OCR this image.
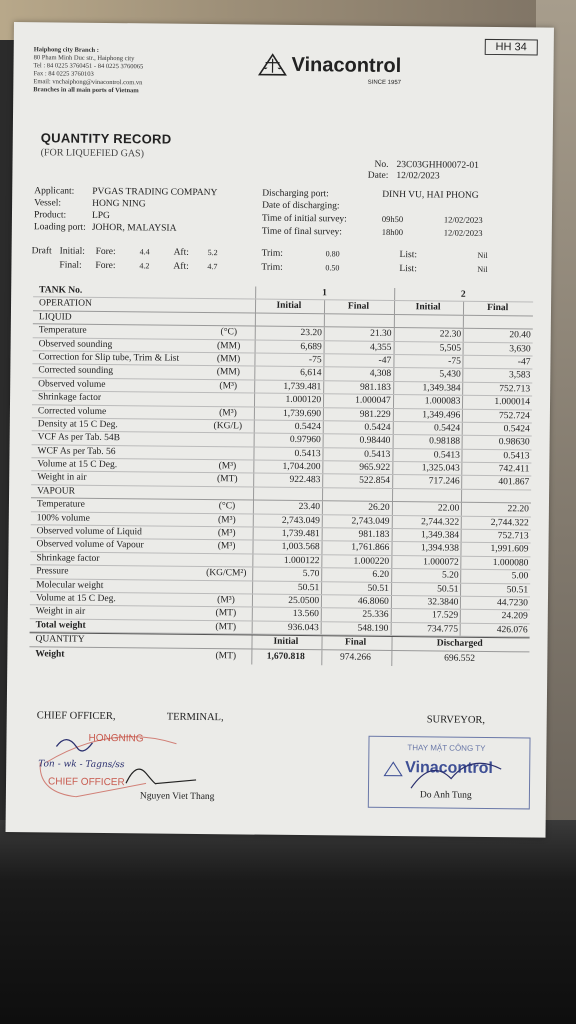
HH 34
Haiphong city Branch :
80 Pham Minh Duc str., Haiphong city
Tel : 84 0225 3760451 - 84 0225 3760065
Fax : 84 0225 3760103
Email: vnchaiphong@vinacontrol.com.vn
Branches in all main ports of Vietnam
Vinacontrol
SINCE 1957
QUANTITY RECORD
(FOR LIQUEFIED GAS)
No. 23C03GHH00072-01
Date: 12/02/2023
Applicant: PVGAS TRADING COMPANY
Vessel:	HONG NING
Product:	LPG
Loading port: JOHOR, MALAYSIA
Discharging port:	DINH VU, HAI PHONG
Date of discharging:
Time of initial survey:	09h50	12/02/2023
Time of final survey:	18h00	12/02/2023
Draft Initial: Fore:	4.4	Aft: 5.2
Final: Fore:	4.2	Aft: 4.7
Trim:	0.80
Trim:	0.50
List:	Nil
List:	Nil
TANK No.	1	2
OPERATION	Initial	Final	Initial	Final
LIQUID
Temperature	(°C)	23.20	21.30	22.30	20.40
Observed sounding	(MM)	6,689	4,355	5,505	3,630
Correction for Slip tube, Trim & List	(MM)	-75	-47	-75	-47
Corrected sounding	(MM)	6,614	4,308	5,430	3,583
Observed volume	(M³)	1,739.481	981.183	1,349.384	752.713
Shrinkage factor	1.000120	1.000047	1.000083	1.000014
Corrected volume	(M³)	1,739.690	981.229	1,349.496	752.724
Density at 15 C Deg.	(KG/L)	0.5424	0.5424	0.5424	0.5424
VCF As per Tab. 54B	0.97960	0.98440	0.98188	0.98630
WCF As per Tab. 56	0.5413	0.5413	0.5413	0.5413
Volume at 15 C Deg.	(M³)	1,704.200	965.922	1,325.043	742.411
Weight in air	(MT)	922.483	522.854	717.246	401.867
VAPOUR
Temperature	(°C)	23.40	26.20	22.00	22.20
100% volume	(M³)	2,743.049	2,743.049	2,744.322	2,744.322
Observed volume of Liquid	(M³)	1,739.481	981.183	1,349.384	752.713
Observed volume of Vapour	(M³)	1,003.568	1,761.866	1,394.938	1,991.609
Shrinkage factor	1.000122	1.000220	1.000072	1.000080
Pressure	(KG/CM²)	5.70	6.20	5.20	5.00
Molecular weight	50.51	50.51	50.51	50.51
Volume at 15 C Deg.	(M³)	25.0500	46.8060	32.3840	44.7230
Weight in air	(MT)	13.560	25.336	17.529	24.209
Total weight	(MT)	936.043	548.190	734.775	426.076
QUANTITY	Initial	Final	Discharged
Weight	(MT)	1,670.818	974.266	696.552
CHIEF OFFICER,	TERMINAL,	SURVEYOR,
HONGNING
CHIEF OFFICER
Ton - wk - Tagns/ss
Nguyen Viet Thang
THAY MẶT CÔNG TY
Vinacontrol
Do Anh Tung
